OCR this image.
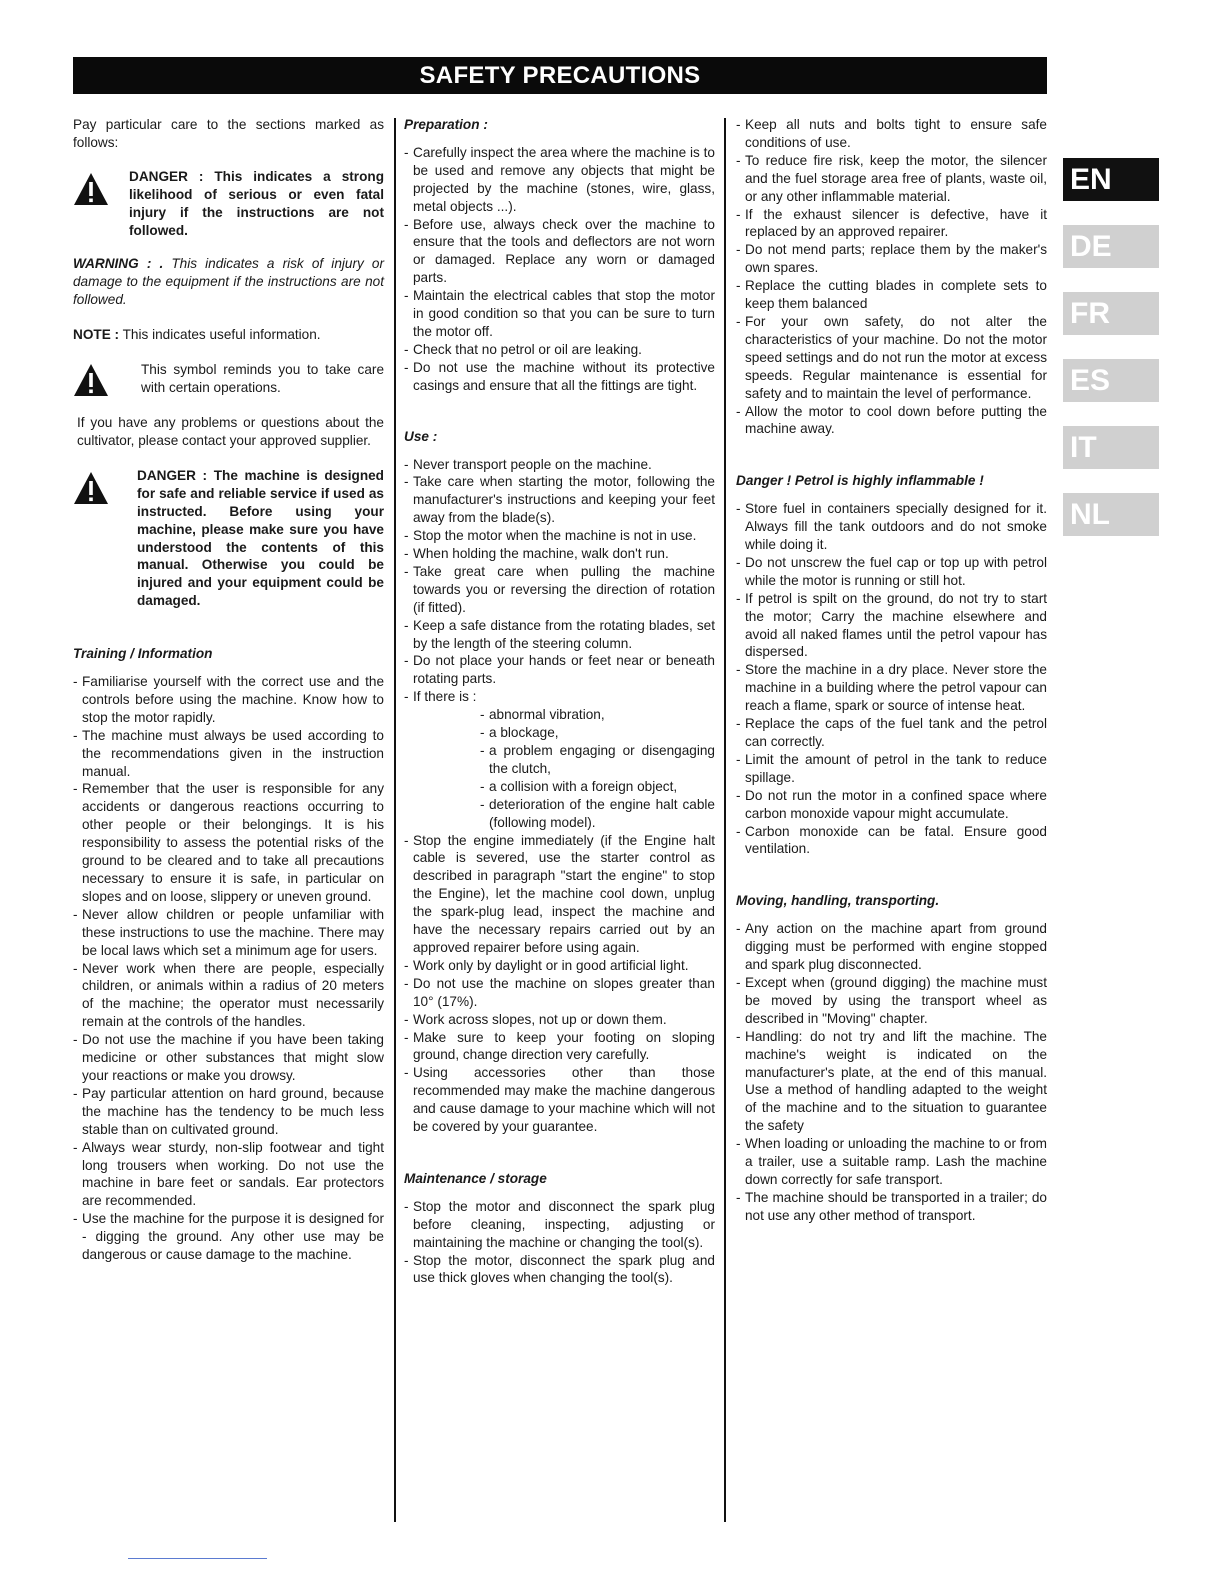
SAFETY PRECAUTIONS

Pay particular care to the sections marked as follows:

DANGER : This indicates a strong likelihood of serious or even fatal injury if the instructions are not followed.

WARNING : . This indicates a risk of injury or damage to the equipment if the instructions are not followed.

NOTE : This indicates useful information.

This symbol reminds you to take care with certain operations.

If you have any problems or questions about the cultivator, please contact your approved supplier.

DANGER : The machine is designed for safe and reliable service if used as instructed. Before using your machine, please make sure you have understood the contents of this manual. Otherwise you could be injured and your equipment could be damaged.

Training / Information

- Familiarise yourself with the correct use and the controls before using the machine. Know how to stop the motor rapidly.
- The machine must always be used according to the recommendations given in the instruction manual.
- Remember that the user is responsible for any accidents or dangerous reactions occurring to other people or their belongings. It is his responsibility to assess the potential risks of the ground to be cleared and to take all precautions necessary to ensure it is safe, in particular on slopes and on loose, slippery or uneven ground.
- Never allow children or people unfamiliar with these instructions to use the machine. There may be local laws which set a minimum age for users.
- Never work when there are people, especially children, or animals within a radius of 20 meters of the machine; the operator must necessarily remain at the controls of the handles.
- Do not use the machine if you have been taking medicine or other substances that might slow your reactions or make you drowsy.
- Pay particular attention on hard ground, because the machine has the tendency to be much less stable than on cultivated ground.
- Always wear sturdy, non-slip footwear and tight long trousers when working. Do not use the machine in bare feet or sandals. Ear protectors are recommended.
- Use the machine for the purpose it is designed for - digging the ground. Any other use may be dangerous or cause damage to the machine.

Preparation :

- Carefully inspect the area where the machine is to be used and remove any objects that might be projected by the machine (stones, wire, glass, metal objects ...).
- Before use, always check over the machine to ensure that the tools and deflectors are not worn or damaged. Replace any worn or damaged parts.
- Maintain the electrical cables that stop the motor in good condition so that you can be sure to turn the motor off.
- Check that no petrol or oil are leaking.
- Do not use the machine without its protective casings and ensure that all the fittings are tight.

Use :

- Never transport people on the machine.
- Take care when starting the motor, following the manufacturer's instructions and keeping your feet away from the blade(s).
- Stop the motor when the machine is not in use.
- When holding the machine, walk don't run.
- Take great care when pulling the machine towards you or reversing the direction of rotation (if fitted).
- Keep a safe distance from the rotating blades, set by the length of the steering column.
- Do not place your hands or feet near or beneath rotating parts.
- If there is :
- abnormal vibration,
- a blockage,
- a problem engaging or disengaging the clutch,
- a collision with a foreign object,
- deterioration of the engine halt cable (following model).
- Stop the engine immediately (if the Engine halt cable is severed, use the starter control as described in paragraph "start the engine" to stop the Engine), let the machine cool down, unplug the spark-plug lead, inspect the machine and have the necessary repairs carried out by an approved repairer before using again.
- Work only by daylight or in good artificial light.
- Do not use the machine on slopes greater than 10° (17%).
- Work across slopes, not up or down them.
- Make sure to keep your footing on sloping ground, change direction very carefully.
- Using accessories other than those recommended may make the machine dangerous and cause damage to your machine which will not be covered by your guarantee.

Maintenance / storage

- Stop the motor and disconnect the spark plug before cleaning, inspecting, adjusting or maintaining the machine or changing the tool(s).
- Stop the motor, disconnect the spark plug and use thick gloves when changing the tool(s).
- Keep all nuts and bolts tight to ensure safe conditions of use.
- To reduce fire risk, keep the motor, the silencer and the fuel storage area free of plants, waste oil, or any other inflammable material.
- If the exhaust silencer is defective, have it replaced by an approved repairer.
- Do not mend parts; replace them by the maker's own spares.
- Replace the cutting blades in complete sets to keep them balanced
- For your own safety, do not alter the characteristics of your machine. Do not the motor speed settings and do not run the motor at excess speeds. Regular maintenance is essential for safety and to maintain the level of performance.
- Allow the motor to cool down before putting the machine away.

Danger ! Petrol is highly inflammable !

- Store fuel in containers specially designed for it. Always fill the tank outdoors and do not smoke while doing it.
- Do not unscrew the fuel cap or top up with petrol while the motor is running or still hot.
- If petrol is spilt on the ground, do not try to start the motor; Carry the machine elsewhere and avoid all naked flames until the petrol vapour has dispersed.
- Store the machine in a dry place. Never store the machine in a building where the petrol vapour can reach a flame, spark or source of intense heat.
- Replace the caps of the fuel tank and the petrol can correctly.
- Limit the amount of petrol in the tank to reduce spillage.
- Do not run the motor in a confined space where carbon monoxide vapour might accumulate.
- Carbon monoxide can be fatal. Ensure good ventilation.

Moving, handling, transporting.

- Any action on the machine apart from ground digging must be performed with engine stopped and spark plug disconnected.
- Except when (ground digging) the machine must be moved by using the transport wheel as described in "Moving" chapter.
- Handling: do not try and lift the machine. The machine's weight is indicated on the manufacturer's plate, at the end of this manual. Use a method of handling adapted to the weight of the machine and to the situation to guarantee the safety
- When loading or unloading the machine to or from a trailer, use a suitable ramp. Lash the machine down correctly for safe transport.
- The machine should be transported in a trailer; do not use any other method of transport.
EN
DE
FR
ES
IT
NL
